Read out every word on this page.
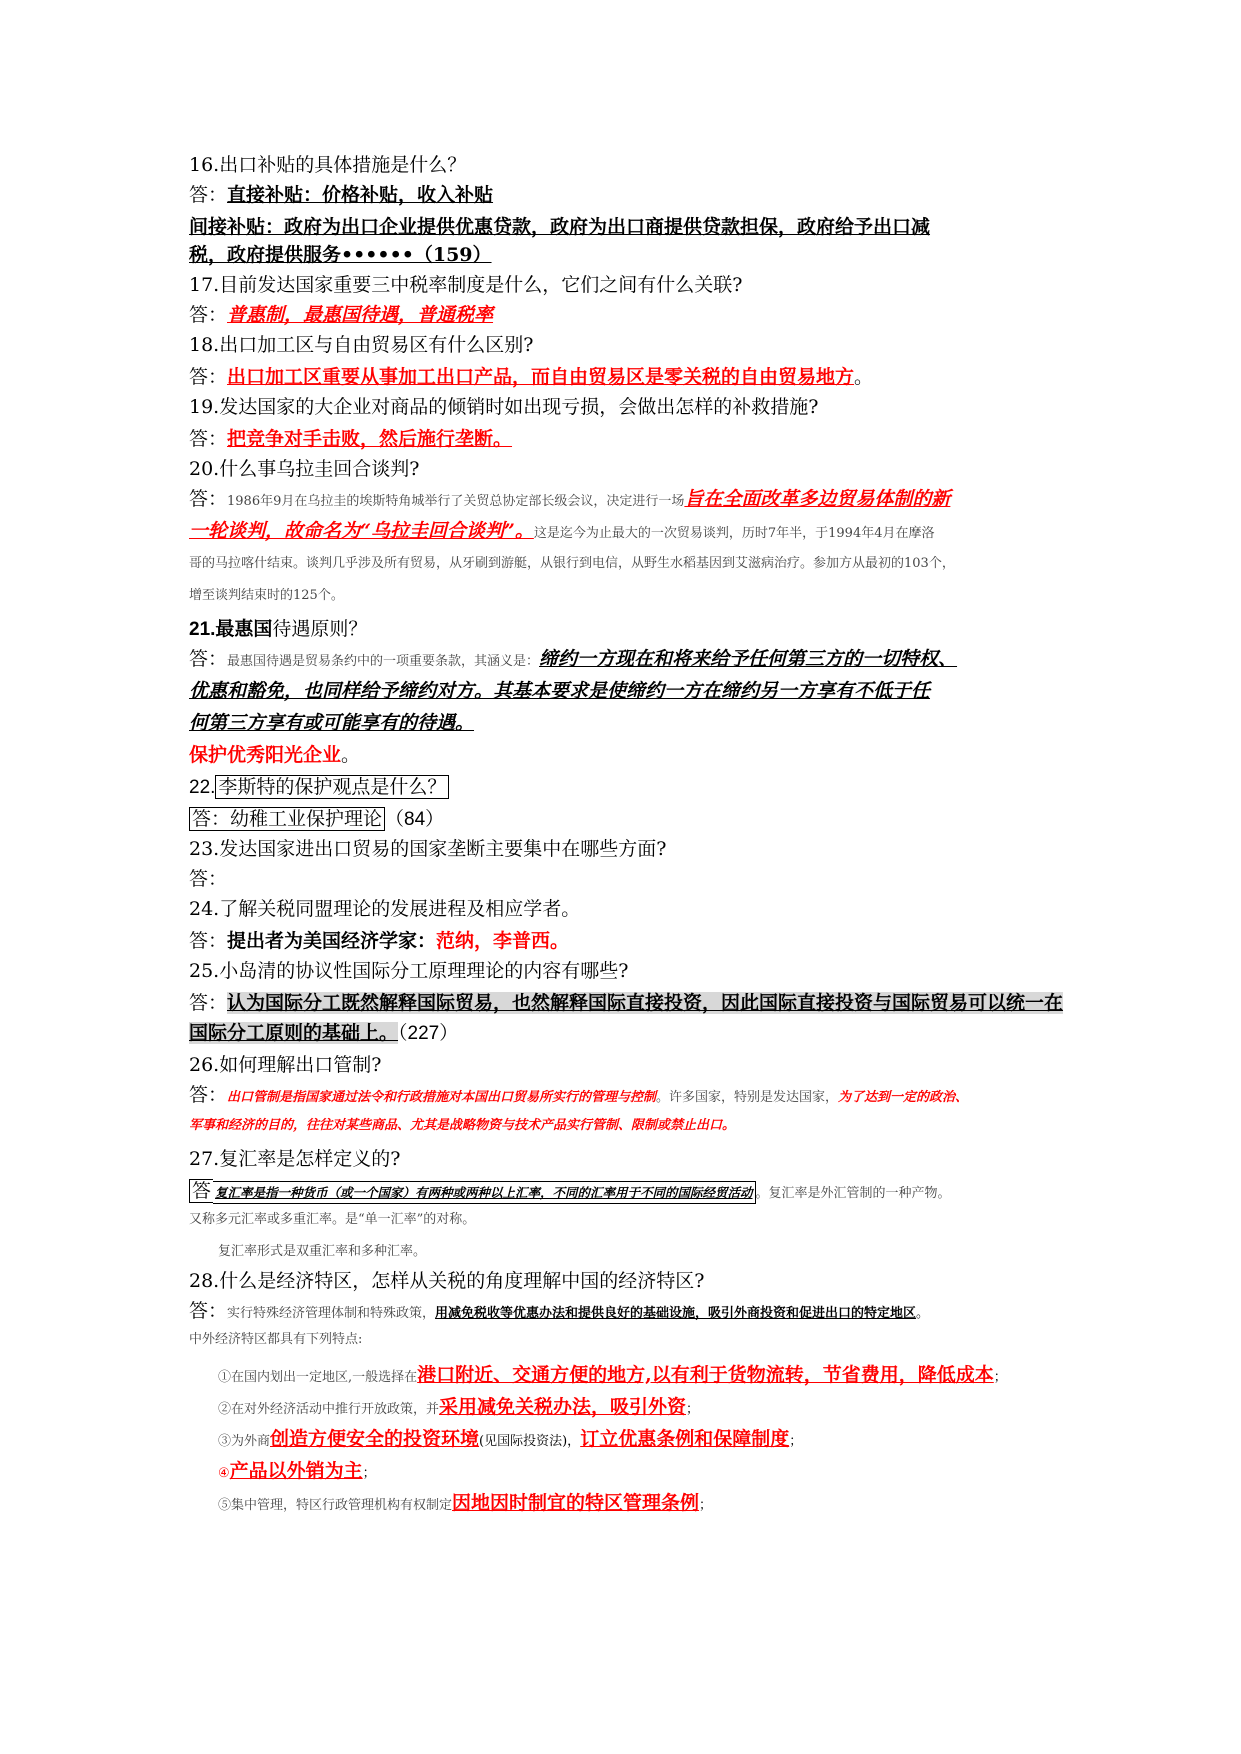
16.出口补贴的具体措施是什么？
答：直接补贴：价格补贴，收入补贴
间接补贴：政府为出口企业提供优惠贷款，政府为出口商提供贷款担保，政府给予出口减
税，政府提供服务••••••（159）
17.目前发达国家重要三中税率制度是什么，它们之间有什么关联?
答：普惠制，最惠国待遇，普通税率
18.出口加工区与自由贸易区有什么区别?
答：出口加工区重要从事加工出口产品，而自由贸易区是零关税的自由贸易地方。
19.发达国家的大企业对商品的倾销时如出现亏损，会做出怎样的补救措施?
答：把竞争对手击败，然后施行垄断。
20.什么事乌拉圭回合谈判?
答：1986年9月在乌拉圭的埃斯特角城举行了关贸总协定部长级会议，决定进行一场旨在全面改革多边贸易体制的新
一轮谈判，故命名为“乌拉圭回合谈判”。这是迄今为止最大的一次贸易谈判，历时7年半，于1994年4月在摩洛
哥的马拉喀什结束。谈判几乎涉及所有贸易，从牙刷到游艇，从银行到电信，从野生水稻基因到艾滋病治疗。参加方从最初的103个，
增至谈判结束时的125个。
21.最惠国待遇原则？
答：最惠国待遇是贸易条约中的一项重要条款，其涵义是：缔约一方现在和将来给予任何第三方的一切特权、
优惠和豁免，也同样给予缔约对方。其基本要求是使缔约一方在缔约另一方享有不低于任
何第三方享有或可能享有的待遇。
保护优秀阳光企业。
22. 李斯特的保护观点是什么？
答：幼稚工业保护理论 （84）
23.发达国家进出口贸易的国家垄断主要集中在哪些方面?
答：
24.了解关税同盟理论的发展进程及相应学者。
答：提出者为美国经济学家：范纳，李普西。
25.小岛清的协议性国际分工原理理论的内容有哪些?
答：认为国际分工既然解释国际贸易，也然解释国际直接投资，因此国际直接投资与国际贸易可以统一在
国际分工原则的基础上。（227）
26.如何理解出口管制?
答：出口管制是指国家通过法令和行政措施对本国出口贸易所实行的管理与控制。许多国家，特别是发达国家，为了达到一定的政治、
军事和经济的目的，往往对某些商品、尤其是战略物资与技术产品实行管制、限制或禁止出口。
27.复汇率是怎样定义的?
答 复汇率是指一种货币（或一个国家）有两种或两种以上汇率，不同的汇率用于不同的国际经贸活动 。复汇率是外汇管制的一种产物。
又称多元汇率或多重汇率。是“单一汇率”的对称。
复汇率形式是双重汇率和多种汇率。
28.什么是经济特区，怎样从关税的角度理解中国的经济特区?
答：实行特殊经济管理体制和特殊政策，用减免税收等优惠办法和提供良好的基础设施，吸引外商投资和促进出口的特定地区。
中外经济特区都具有下列特点:
①在国内划出一定地区,一般选择在港口附近、交通方便的地方,以有利于货物流转，节省费用，降低成本；
②在对外经济活动中推行开放政策，并采用减免关税办法，吸引外资；
③为外商创造方便安全的投资环境(见国际投资法)，订立优惠条例和保障制度；
④产品以外销为主；
⑤集中管理，特区行政管理机构有权制定因地因时制宜的特区管理条例；
